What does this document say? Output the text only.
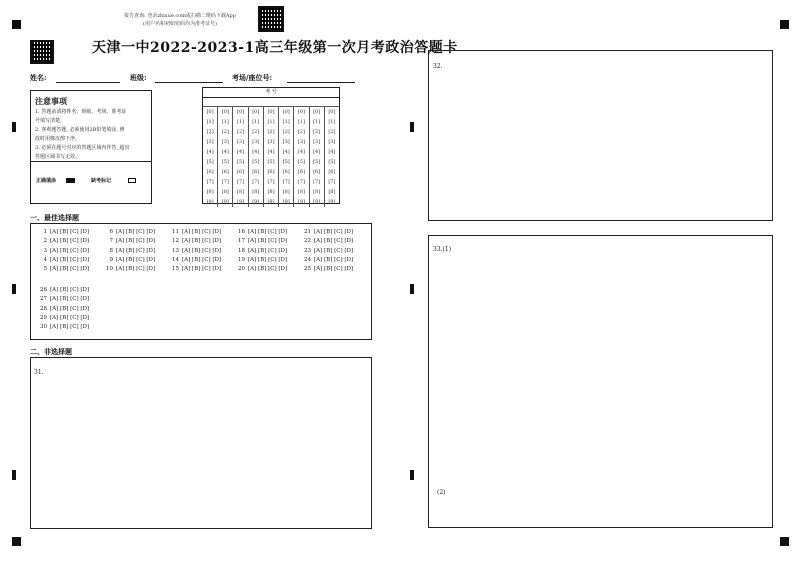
报告查询: 登录zhixue.com或扫描二维码下载App
(用户名和初始密码均为准考证号)
天津一中2022-2023-1高三年级第一次月考政治答题卡
姓名:	班级:	考场/座位号:
注意事项
1. 答题前请将姓名、班级、考场、准考证
号填写清楚。
2. 客观题答题, 必须使用2B铅笔填涂, 修
改时用橡皮擦干净。
3. 必须在题号对应的答题区域内作答, 超出
答题区域书写无效。
正确填涂	缺考标记
考 号
[0]	[0]	[0]	[0]	[0]	[0]	[0]	[0]	[0]
[1]	[1]	[1]	[1]	[1]	[1]	[1]	[1]	[1]
[2]	[2]	[2]	[2]	[2]	[2]	[2]	[2]	[2]
[3]	[3]	[3]	[3]	[3]	[3]	[3]	[3]	[3]
[4]	[4]	[4]	[4]	[4]	[4]	[4]	[4]	[4]
[5]	[5]	[5]	[5]	[5]	[5]	[5]	[5]	[5]
[6]	[6]	[6]	[6]	[6]	[6]	[6]	[6]	[6]
[7]	[7]	[7]	[7]	[7]	[7]	[7]	[7]	[7]
[8]	[8]	[8]	[8]	[8]	[8]	[8]	[8]	[8]
[9]	[9]	[9]	[9]	[9]	[9]	[9]	[9]	[9]
一、最佳选择题
1 [A] [B] [C] [D]
2 [A] [B] [C] [D]
3 [A] [B] [C] [D]
4 [A] [B] [C] [D]
5 [A] [B] [C] [D]
6 [A] [B] [C] [D]
7 [A] [B] [C] [D]
8 [A] [B] [C] [D]
9 [A] [B] [C] [D]
10 [A] [B] [C] [D]
11 [A] [B] [C] [D]
12 [A] [B] [C] [D]
13 [A] [B] [C] [D]
14 [A] [B] [C] [D]
15 [A] [B] [C] [D]
16 [A] [B] [C] [D]
17 [A] [B] [C] [D]
18 [A] [B] [C] [D]
19 [A] [B] [C] [D]
20 [A] [B] [C] [D]
21 [A] [B] [C] [D]
22 [A] [B] [C] [D]
23 [A] [B] [C] [D]
24 [A] [B] [C] [D]
25 [A] [B] [C] [D]
26 [A] [B] [C] [D]
27 [A] [B] [C] [D]
28 [A] [B] [C] [D]
29 [A] [B] [C] [D]
30 [A] [B] [C] [D]
二、非选择题
31.
32.
33.(1)
(2)
